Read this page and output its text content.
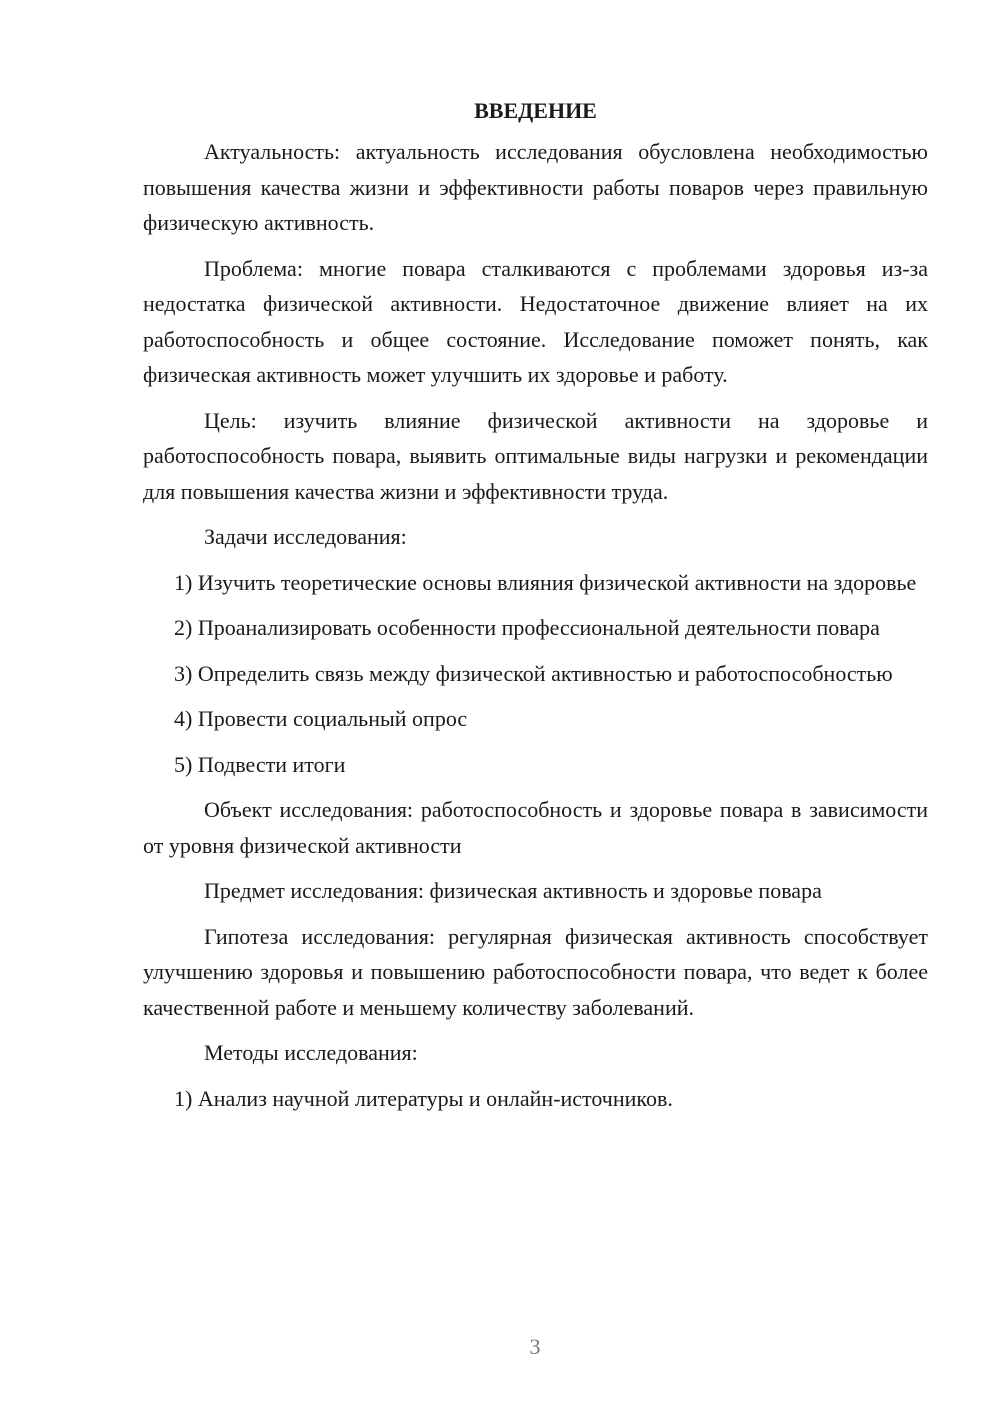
ВВЕДЕНИЕ
Актуальность: актуальность исследования обусловлена необходимостью повышения качества жизни и эффективности работы поваров через правильную физическую активность.
Проблема: многие повара сталкиваются с проблемами здоровья из-за недостатка физической активности. Недостаточное движение влияет на их работоспособность и общее состояние. Исследование поможет понять, как физическая активность может улучшить их здоровье и работу.
Цель: изучить влияние физической активности на здоровье и работоспособность повара, выявить оптимальные виды нагрузки и рекомендации для повышения качества жизни и эффективности труда.
Задачи исследования:
1) Изучить теоретические основы влияния физической активности на здоровье
2) Проанализировать особенности профессиональной деятельности повара
3) Определить связь между физической активностью и работоспособностью
4) Провести социальный опрос
5) Подвести итоги
Объект исследования: работоспособность и здоровье повара в зависимости от уровня физической активности
Предмет исследования: физическая активность и здоровье повара
Гипотеза исследования: регулярная физическая активность способствует улучшению здоровья и повышению работоспособности повара, что ведет к более качественной работе и меньшему количеству заболеваний.
Методы исследования:
1) Анализ научной литературы и онлайн-источников.
3
